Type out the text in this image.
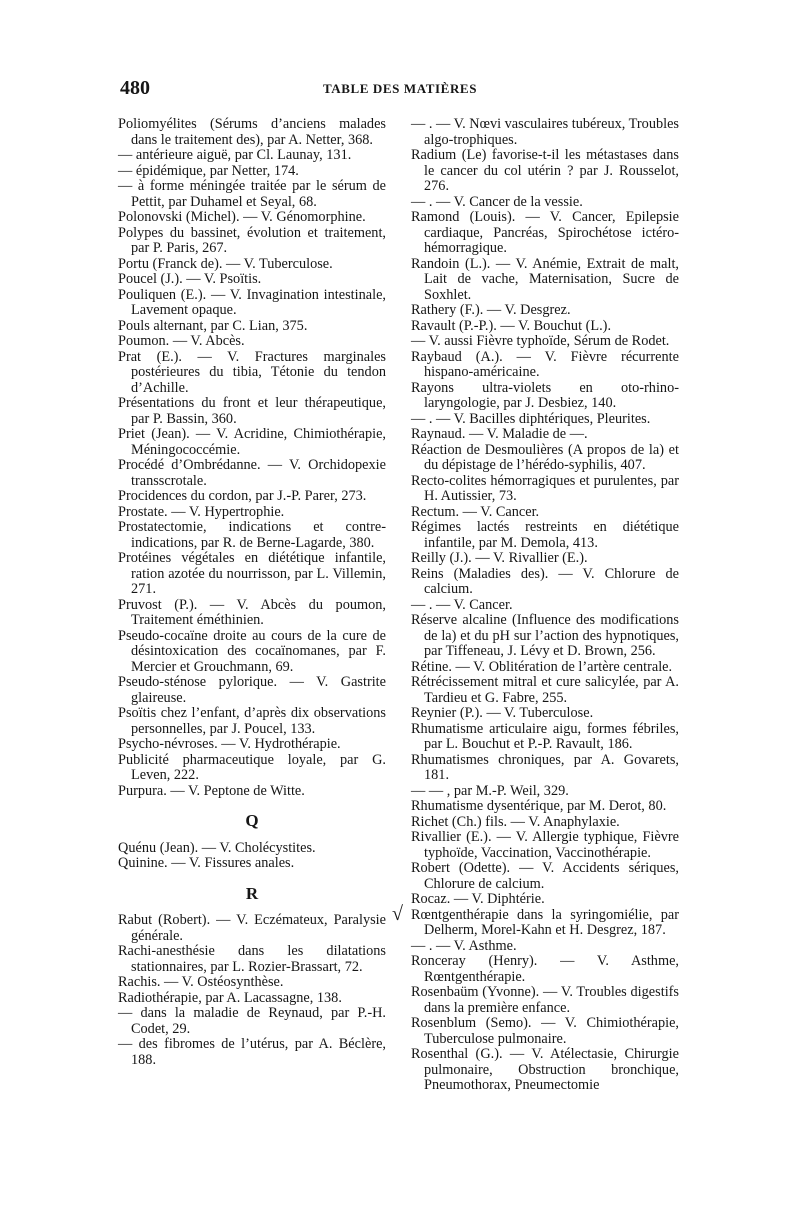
480	TABLE DES MATIÈRES
√

Poliomyélites (Sérums d’anciens malades dans le traitement des), par A. Netter, 368.

— antérieure aiguë, par Cl. Launay, 131.

— épidémique, par Netter, 174.

— à forme méningée traitée par le sérum de Pettit, par Duhamel et Seyal, 68.

Polonovski (Michel). — V. Génomorphine.

Polypes du bassinet, évolution et traitement, par P. Paris, 267.

Portu (Franck de). — V. Tuberculose.

Poucel (J.). — V. Psoïtis.

Pouliquen (E.). — V. Invagination intestinale, Lavement opaque.

Pouls alternant, par C. Lian, 375.

Poumon. — V. Abcès.

Prat (E.). — V. Fractures marginales postérieures du tibia, Tétonie du tendon d’Achille.

Présentations du front et leur thérapeutique, par P. Bassin, 360.

Priet (Jean). — V. Acridine, Chimiothérapie, Méningococcémie.

Procédé d’Ombrédanne. — V. Orchidopexie transscrotale.

Procidences du cordon, par J.-P. Parer, 273.

Prostate. — V. Hypertrophie.

Prostatectomie, indications et contre-indications, par R. de Berne-Lagarde, 380.

Protéines végétales en diététique infantile, ration azotée du nourrisson, par L. Villemin, 271.

Pruvost (P.). — V. Abcès du poumon, Traitement éméthinien.

Pseudo-cocaïne droite au cours de la cure de désintoxication des cocaïnomanes, par F. Mercier et Grouchmann, 69.

Pseudo-sténose pylorique. — V. Gastrite glaireuse.

Psoïtis chez l’enfant, d’après dix observations personnelles, par J. Poucel, 133.

Psycho-névroses. — V. Hydrothérapie.

Publicité pharmaceutique loyale, par G. Leven, 222.

Purpura. — V. Peptone de Witte.

Q

Quénu (Jean). — V. Cholécystites.

Quinine. — V. Fissures anales.

R

Rabut (Robert). — V. Eczémateux, Paralysie générale.

Rachi-anesthésie dans les dilatations stationnaires, par L. Rozier-Brassart, 72.

Rachis. — V. Ostéosynthèse.

Radiothérapie, par A. Lacassagne, 138.

— dans la maladie de Reynaud, par P.-H. Codet, 29.

— des fibromes de l’utérus, par A. Béclère, 188.

— . — V. Nœvi vasculaires tubéreux, Troubles algo-trophiques.

Radium (Le) favorise-t-il les métastases dans le cancer du col utérin ? par J. Rousselot, 276.

— . — V. Cancer de la vessie.

Ramond (Louis). — V. Cancer, Epilepsie cardiaque, Pancréas, Spirochétose ictéro-hémorragique.

Randoin (L.). — V. Anémie, Extrait de malt, Lait de vache, Maternisation, Sucre de Soxhlet.

Rathery (F.). — V. Desgrez.

Ravault (P.-P.). — V. Bouchut (L.).

— V. aussi Fièvre typhoïde, Sérum de Rodet.

Raybaud (A.). — V. Fièvre récurrente hispano-américaine.

Rayons ultra-violets en oto-rhino-laryngologie, par J. Desbiez, 140.

— . — V. Bacilles diphtériques, Pleurites.

Raynaud. — V. Maladie de —.

Réaction de Desmoulières (A propos de la) et du dépistage de l’hérédo-syphilis, 407.

Recto-colites hémorragiques et purulentes, par H. Autissier, 73.

Rectum. — V. Cancer.

Régimes lactés restreints en diététique infantile, par M. Demola, 413.

Reilly (J.). — V. Rivallier (E.).

Reins (Maladies des). — V. Chlorure de calcium.

— . — V. Cancer.

Réserve alcaline (Influence des modifications de la) et du pH sur l’action des hypnotiques, par Tiffeneau, J. Lévy et D. Brown, 256.

Rétine. — V. Oblitération de l’artère centrale.

Rétrécissement mitral et cure salicylée, par A. Tardieu et G. Fabre, 255.

Reynier (P.). — V. Tuberculose.

Rhumatisme articulaire aigu, formes fébriles, par L. Bouchut et P.-P. Ravault, 186.

Rhumatismes chroniques, par A. Govarets, 181.

— — , par M.-P. Weil, 329.

Rhumatisme dysentérique, par M. Derot, 80.

Richet (Ch.) fils. — V. Anaphylaxie.

Rivallier (E.). — V. Allergie typhique, Fièvre typhoïde, Vaccination, Vaccinothérapie.

Robert (Odette). — V. Accidents sériques, Chlorure de calcium.

Rocaz. — V. Diphtérie.

Rœntgenthérapie dans la syringomiélie, par Delherm, Morel-Kahn et H. Desgrez, 187.

— . — V. Asthme.

Ronceray (Henry). — V. Asthme, Rœntgenthérapie.

Rosenbaüm (Yvonne). — V. Troubles digestifs dans la première enfance.

Rosenblum (Semo). — V. Chimiothérapie, Tuberculose pulmonaire.

Rosenthal (G.). — V. Atélectasie, Chirurgie pulmonaire, Obstruction bronchique, Pneumothorax, Pneumectomie
